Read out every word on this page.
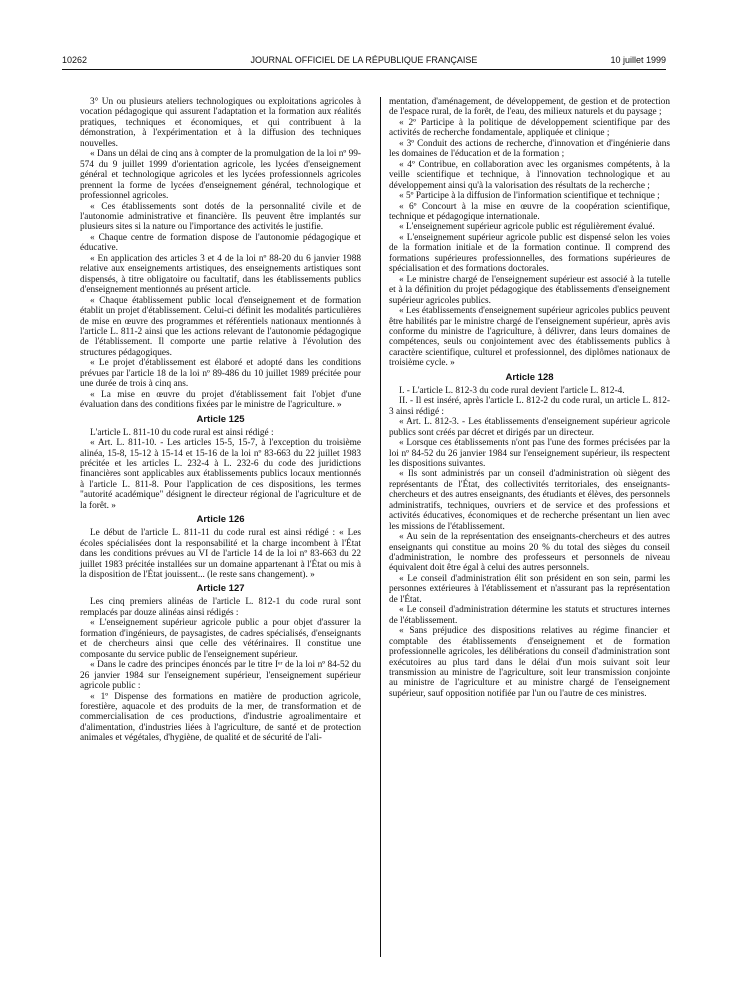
10262	JOURNAL OFFICIEL DE LA RÉPUBLIQUE FRANÇAISE	10 juillet 1999

3° Un ou plusieurs ateliers technologiques ou exploitations agricoles à vocation pédagogique qui assurent l'adaptation et la formation aux réalités pratiques, techniques et économiques, et qui contribuent à la démonstration, à l'expérimentation et à la diffusion des techniques nouvelles.

« Dans un délai de cinq ans à compter de la promulgation de la loi nº 99-574 du 9 juillet 1999 d'orientation agricole, les lycées d'enseignement général et technologique agricoles et les lycées professionnels agricoles prennent la forme de lycées d'enseignement général, technologique et professionnel agricoles.

« Ces établissements sont dotés de la personnalité civile et de l'autonomie administrative et financière. Ils peuvent être implantés sur plusieurs sites si la nature ou l'importance des activités le justifie.

« Chaque centre de formation dispose de l'autonomie pédagogique et éducative.

« En application des articles 3 et 4 de la loi nº 88-20 du 6 janvier 1988 relative aux enseignements artistiques, des enseignements artistiques sont dispensés, à titre obligatoire ou facultatif, dans les établissements publics d'enseignement mentionnés au présent article.

« Chaque établissement public local d'enseignement et de formation établit un projet d'établissement. Celui-ci définit les modalités particulières de mise en œuvre des programmes et référentiels nationaux mentionnés à l'article L. 811-2 ainsi que les actions relevant de l'autonomie pédagogique de l'établissement. Il comporte une partie relative à l'évolution des structures pédagogiques.

« Le projet d'établissement est élaboré et adopté dans les conditions prévues par l'article 18 de la loi nº 89-486 du 10 juillet 1989 précitée pour une durée de trois à cinq ans.

« La mise en œuvre du projet d'établissement fait l'objet d'une évaluation dans des conditions fixées par le ministre de l'agriculture. »

Article 125

L'article L. 811-10 du code rural est ainsi rédigé :

« Art. L. 811-10. - Les articles 15-5, 15-7, à l'exception du troisième alinéa, 15-8, 15-12 à 15-14 et 15-16 de la loi nº 83-663 du 22 juillet 1983 précitée et les articles L. 232-4 à L. 232-6 du code des juridictions financières sont applicables aux établissements publics locaux mentionnés à l'article L. 811-8. Pour l'application de ces dispositions, les termes "autorité académique" désignent le directeur régional de l'agriculture et de la forêt. »

Article 126

Le début de l'article L. 811-11 du code rural est ainsi rédigé : « Les écoles spécialisées dont la responsabilité et la charge incombent à l'État dans les conditions prévues au VI de l'article 14 de la loi nº 83-663 du 22 juillet 1983 précitée installées sur un domaine appartenant à l'État ou mis à la disposition de l'État jouissent... (le reste sans changement). »

Article 127

Les cinq premiers alinéas de l'article L. 812-1 du code rural sont remplacés par douze alinéas ainsi rédigés :

« L'enseignement supérieur agricole public a pour objet d'assurer la formation d'ingénieurs, de paysagistes, de cadres spécialisés, d'enseignants et de chercheurs ainsi que celle des vétérinaires. Il constitue une composante du service public de l'enseignement supérieur.

« Dans le cadre des principes énoncés par le titre Iᵉʳ de la loi nº 84-52 du 26 janvier 1984 sur l'enseignement supérieur, l'enseignement supérieur agricole public :

« 1º Dispense des formations en matière de production agricole, forestière, aquacole et des produits de la mer, de transformation et de commercialisation de ces productions, d'industrie agroalimentaire et d'alimentation, d'industries liées à l'agriculture, de santé et de protection animales et végétales, d'hygiène, de qualité et de sécurité de l'ali-

mentation, d'aménagement, de développement, de gestion et de protection de l'espace rural, de la forêt, de l'eau, des milieux naturels et du paysage ;

« 2º Participe à la politique de développement scientifique par des activités de recherche fondamentale, appliquée et clinique ;

« 3º Conduit des actions de recherche, d'innovation et d'ingénierie dans les domaines de l'éducation et de la formation ;

« 4º Contribue, en collaboration avec les organismes compétents, à la veille scientifique et technique, à l'innovation technologique et au développement ainsi qu'à la valorisation des résultats de la recherche ;

« 5º Participe à la diffusion de l'information scientifique et technique ;

« 6º Concourt à la mise en œuvre de la coopération scientifique, technique et pédagogique internationale.

« L'enseignement supérieur agricole public est régulièrement évalué.

« L'enseignement supérieur agricole public est dispensé selon les voies de la formation initiale et de la formation continue. Il comprend des formations supérieures professionnelles, des formations supérieures de spécialisation et des formations doctorales.

« Le ministre chargé de l'enseignement supérieur est associé à la tutelle et à la définition du projet pédagogique des établissements d'enseignement supérieur agricoles publics.

« Les établissements d'enseignement supérieur agricoles publics peuvent être habilités par le ministre chargé de l'enseignement supérieur, après avis conforme du ministre de l'agriculture, à délivrer, dans leurs domaines de compétences, seuls ou conjointement avec des établissements publics à caractère scientifique, culturel et professionnel, des diplômes nationaux de troisième cycle. »

Article 128

I. - L'article L. 812-3 du code rural devient l'article L. 812-4.

II. - Il est inséré, après l'article L. 812-2 du code rural, un article L. 812-3 ainsi rédigé :

« Art. L. 812-3. - Les établissements d'enseignement supérieur agricole publics sont créés par décret et dirigés par un directeur.

« Lorsque ces établissements n'ont pas l'une des formes précisées par la loi nº 84-52 du 26 janvier 1984 sur l'enseignement supérieur, ils respectent les dispositions suivantes.

« Ils sont administrés par un conseil d'administration où siègent des représentants de l'État, des collectivités territoriales, des enseignants-chercheurs et des autres enseignants, des étudiants et élèves, des personnels administratifs, techniques, ouvriers et de service et des professions et activités éducatives, économiques et de recherche présentant un lien avec les missions de l'établissement.

« Au sein de la représentation des enseignants-chercheurs et des autres enseignants qui constitue au moins 20 % du total des sièges du conseil d'administration, le nombre des professeurs et personnels de niveau équivalent doit être égal à celui des autres personnels.

« Le conseil d'administration élit son président en son sein, parmi les personnes extérieures à l'établissement et n'assurant pas la représentation de l'État.

« Le conseil d'administration détermine les statuts et structures internes de l'établissement.

« Sans préjudice des dispositions relatives au régime financier et comptable des établissements d'enseignement et de formation professionnelle agricoles, les délibérations du conseil d'administration sont exécutoires au plus tard dans le délai d'un mois suivant soit leur transmission au ministre de l'agriculture, soit leur transmission conjointe au ministre de l'agriculture et au ministre chargé de l'enseignement supérieur, sauf opposition notifiée par l'un ou l'autre de ces ministres.
